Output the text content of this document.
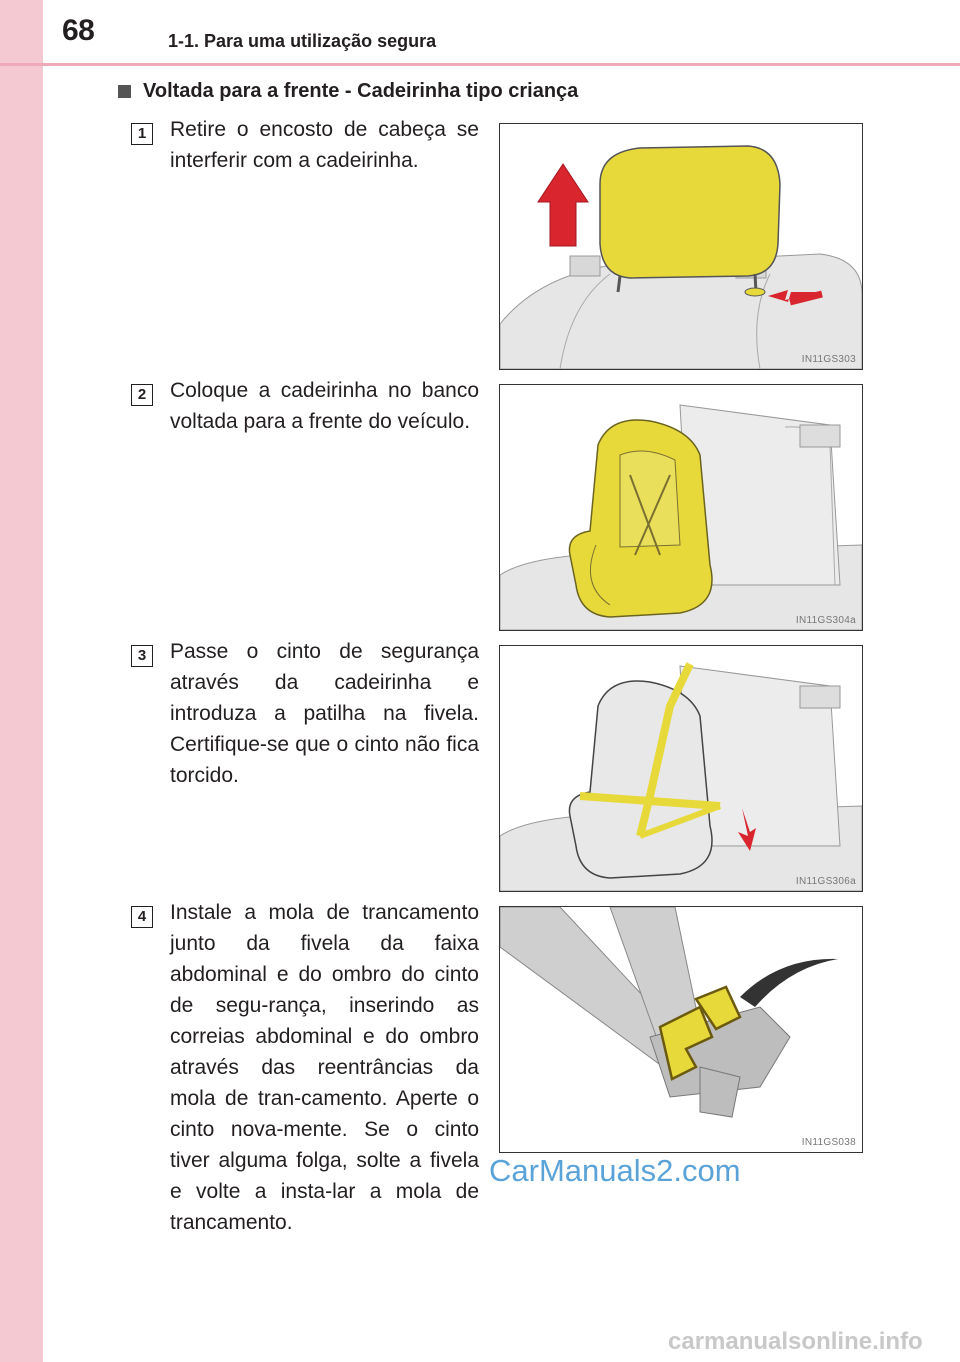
68	1-1. Para uma utilização segura
Voltada para a frente - Cadeirinha tipo criança
1	Retire o encosto de cabeça se interferir com a cadeirinha.
IN11GS303
2	Coloque a cadeirinha no banco voltada para a frente do veículo.
IN11GS304a
3	Passe o cinto de segurança através da cadeirinha e introduza a patilha na fivela. Certifique-se que o cinto não fica torcido.
IN11GS306a
4	Instale a mola de trancamento junto da fivela da faixa abdominal e do ombro do cinto de segu-rança, inserindo as correias abdominal e do ombro através das reentrâncias da mola de tran-camento. Aperte o cinto nova-mente. Se o cinto tiver alguma folga, solte a fivela e volte a insta-lar a mola de trancamento.
IN11GS038
CarManuals2.com
carmanualsonline.info
